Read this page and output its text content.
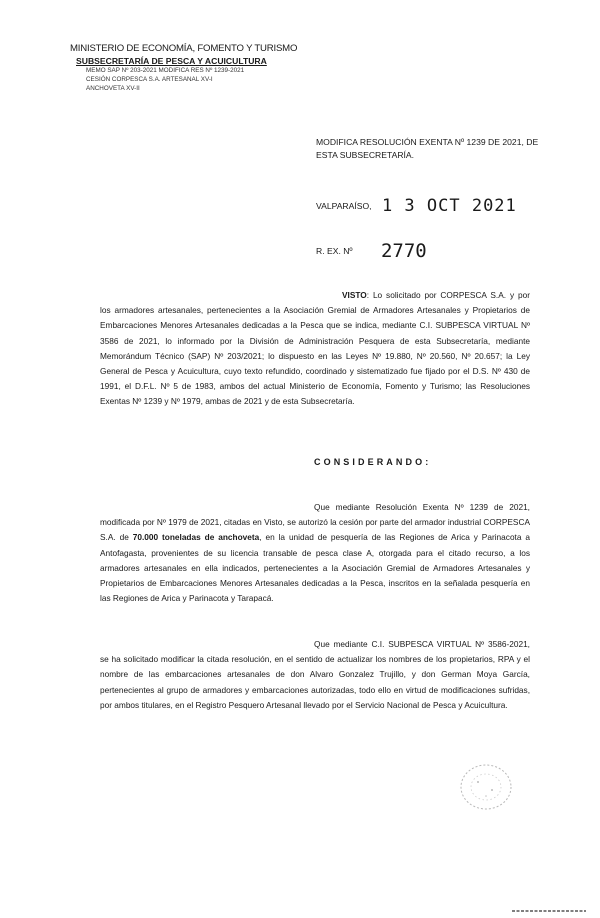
MINISTERIO DE ECONOMÍA, FOMENTO Y TURISMO
SUBSECRETARÍA DE PESCA Y ACUICULTURA
MEMO SAP Nº 203-2021 MODIFICA RES Nº 1239-2021
CESIÓN CORPESCA S.A. ARTESANAL XV-I
ANCHOVETA XV-II
MODIFICA RESOLUCIÓN EXENTA Nº 1239 DE 2021, DE ESTA SUBSECRETARÍA.
VALPARAÍSO, 1 3 OCT 2021
R. EX. Nº 2770
VISTO: Lo solicitado por CORPESCA S.A. y por los armadores artesanales, pertenecientes a la Asociación Gremial de Armadores Artesanales y Propietarios de Embarcaciones Menores Artesanales dedicadas a la Pesca que se indica, mediante C.I. SUBPESCA VIRTUAL Nº 3586 de 2021, lo informado por la División de Administración Pesquera de esta Subsecretaría, mediante Memorándum Técnico (SAP) Nº 203/2021; lo dispuesto en las Leyes Nº 19.880, Nº 20.560, Nº 20.657; la Ley General de Pesca y Acuicultura, cuyo texto refundido, coordinado y sistematizado fue fijado por el D.S. Nº 430 de 1991, el D.F.L. Nº 5 de 1983, ambos del actual Ministerio de Economía, Fomento y Turismo; las Resoluciones Exentas Nº 1239 y Nº 1979, ambas de 2021 y de esta Subsecretaría.
CONSIDERANDO:
Que mediante Resolución Exenta Nº 1239 de 2021, modificada por Nº 1979 de 2021, citadas en Visto, se autorizó la cesión por parte del armador industrial CORPESCA S.A. de 70.000 toneladas de anchoveta, en la unidad de pesquería de las Regiones de Arica y Parinacota a Antofagasta, provenientes de su licencia transable de pesca clase A, otorgada para el citado recurso, a los armadores artesanales en ella indicados, pertenecientes a la Asociación Gremial de Armadores Artesanales y Propietarios de Embarcaciones Menores Artesanales dedicadas a la Pesca, inscritos en la señalada pesquería en las Regiones de Arica y Parinacota y Tarapacá.
Que mediante C.I. SUBPESCA VIRTUAL Nº 3586-2021, se ha solicitado modificar la citada resolución, en el sentido de actualizar los nombres de los propietarios, RPA y el nombre de las embarcaciones artesanales de don Alvaro Gonzalez Trujillo, y don German Moya García, pertenecientes al grupo de armadores y embarcaciones autorizadas, todo ello en virtud de modificaciones sufridas, por ambos titulares, en el Registro Pesquero Artesanal llevado por el Servicio Nacional de Pesca y Acuicultura.
